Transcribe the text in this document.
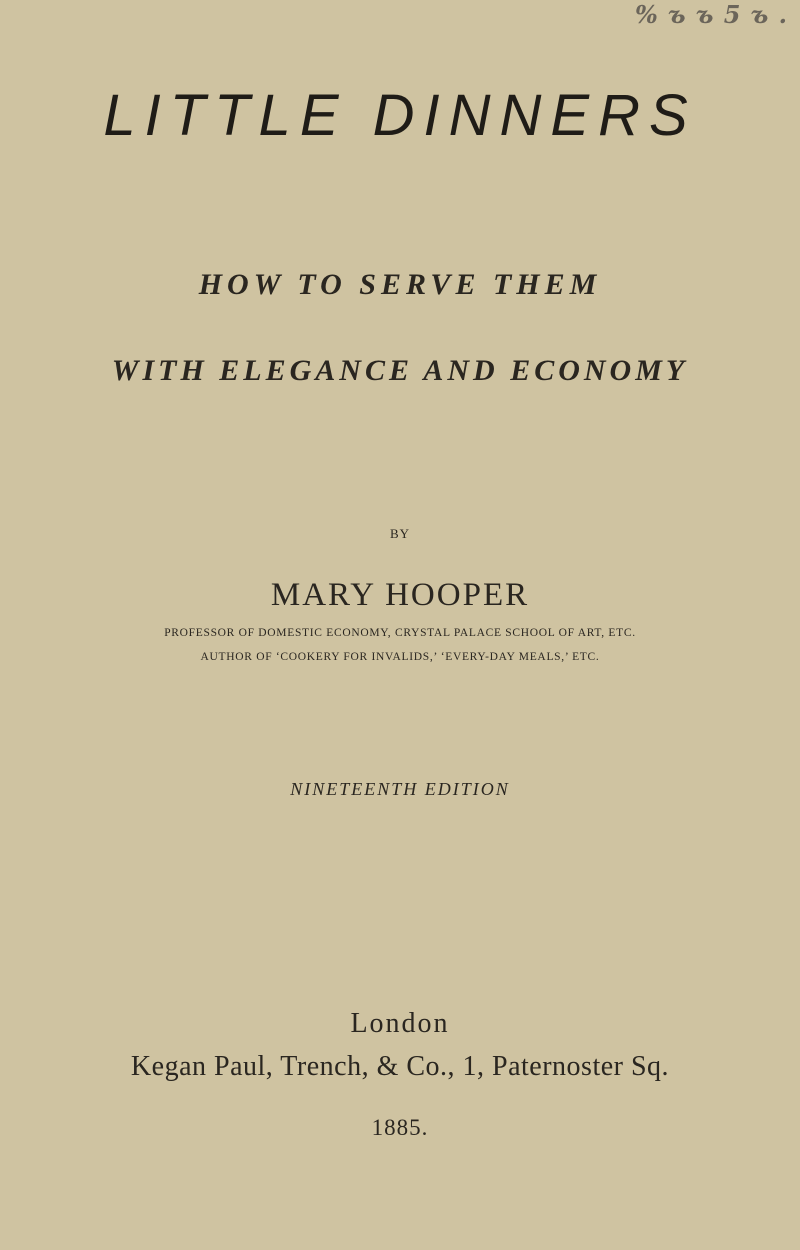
% ъ ъ 5 ъ .
LITTLE DINNERS
HOW TO SERVE THEM
WITH ELEGANCE AND ECONOMY
BY
MARY HOOPER
PROFESSOR OF DOMESTIC ECONOMY, CRYSTAL PALACE SCHOOL OF ART, ETC.
AUTHOR OF ‘COOKERY FOR INVALIDS,’ ‘EVERY-DAY MEALS,’ ETC.
NINETEENTH EDITION
London
Kegan Paul, Trench, & Co., 1, Paternoster Sq.
1885.
